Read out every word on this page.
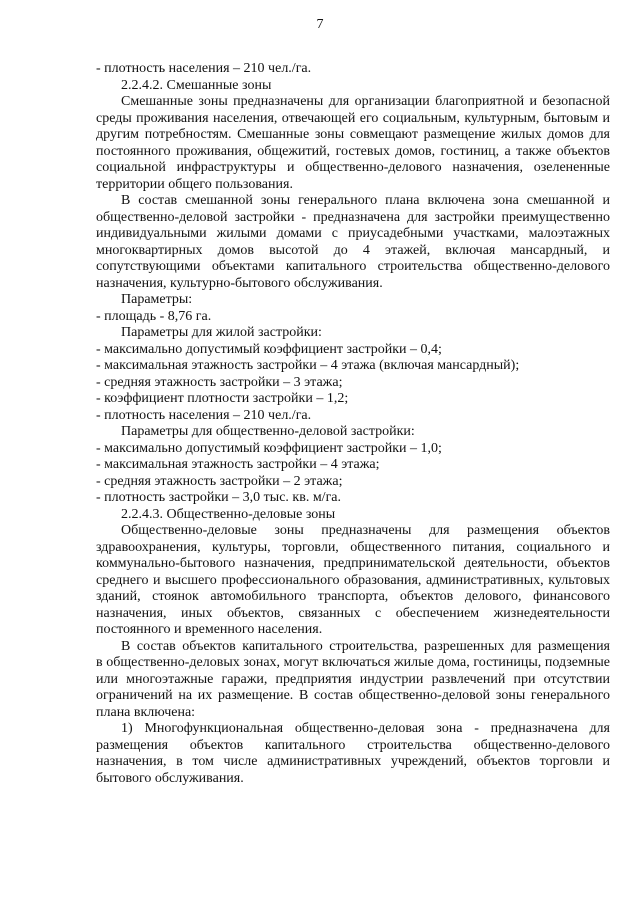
7
- плотность населения – 210 чел./га.
2.2.4.2. Смешанные зоны
Смешанные зоны предназначены для организации благоприятной и безопасной
среды проживания населения, отвечающей его социальным, культурным, бытовым и
другим потребностям. Смешанные зоны совмещают размещение жилых домов для
постоянного проживания, общежитий, гостевых домов, гостиниц, а также объектов
социальной инфраструктуры и общественно-делового назначения, озелененные
территории общего пользования.
В состав смешанной зоны генерального плана включена зона смешанной и
общественно-деловой застройки - предназначена для застройки преимущественно
индивидуальными жилыми домами с приусадебными участками, малоэтажных
многоквартирных домов высотой до 4 этажей, включая мансардный, и
сопутствующими объектами капитального строительства общественно-делового
назначения, культурно-бытового обслуживания.
Параметры:
- площадь - 8,76 га.
Параметры для жилой застройки:
- максимально допустимый коэффициент застройки – 0,4;
- максимальная этажность застройки – 4 этажа (включая мансардный);
- средняя этажность застройки – 3 этажа;
- коэффициент плотности застройки – 1,2;
- плотность населения – 210 чел./га.
Параметры для общественно-деловой застройки:
- максимально допустимый коэффициент застройки – 1,0;
- максимальная этажность застройки – 4 этажа;
- средняя этажность застройки – 2 этажа;
- плотность застройки – 3,0 тыс. кв. м/га.
2.2.4.3. Общественно-деловые зоны
Общественно-деловые зоны предназначены для размещения объектов
здравоохранения, культуры, торговли, общественного питания, социального и
коммунально-бытового назначения, предпринимательской деятельности, объектов
среднего и высшего профессионального образования, административных, культовых
зданий, стоянок автомобильного транспорта, объектов делового, финансового
назначения, иных объектов, связанных с обеспечением жизнедеятельности
постоянного и временного населения.
В состав объектов капитального строительства, разрешенных для размещения
в общественно-деловых зонах, могут включаться жилые дома, гостиницы, подземные
или многоэтажные гаражи, предприятия индустрии развлечений при отсутствии
ограничений на их размещение. В состав общественно-деловой зоны генерального
плана включена:
1) Многофункциональная общественно-деловая зона - предназначена для
размещения объектов капитального строительства общественно-делового
назначения, в том числе административных учреждений, объектов торговли и
бытового обслуживания.
